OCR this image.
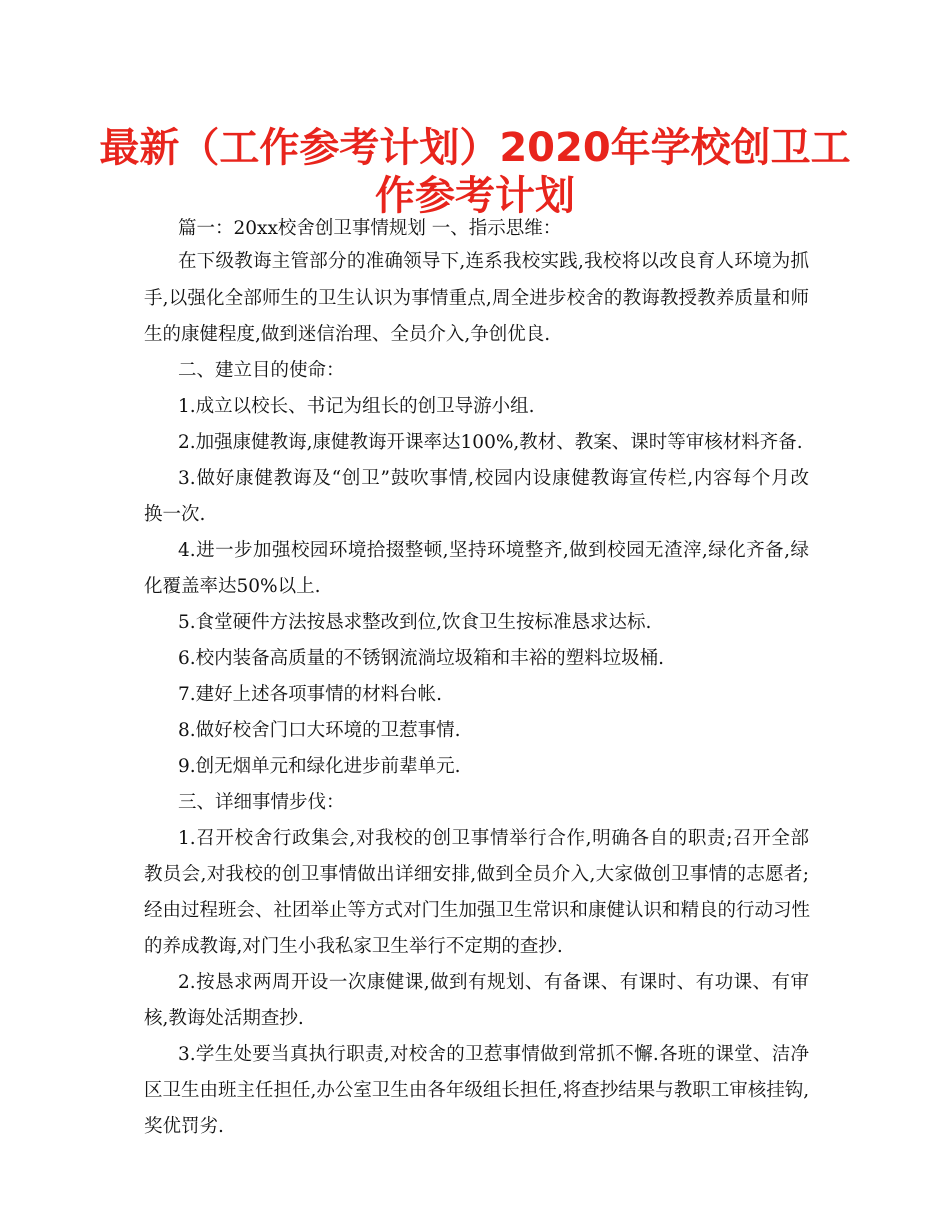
最新（工作参考计划）2020年学校创卫工
作参考计划
篇一：20xx校舍创卫事情规划 一、指示思维：
在下级教诲主管部分的准确领导下,连系我校实践,我校将以改良育人环境为抓
手,以强化全部师生的卫生认识为事情重点,周全进步校舍的教诲教授教养质量和师
生的康健程度,做到迷信治理、全员介入,争创优良.
二、建立目的使命：
1.成立以校长、书记为组长的创卫导游小组.
2.加强康健教诲,康健教诲开课率达100%,教材、教案、课时等审核材料齐备.
3.做好康健教诲及“创卫”鼓吹事情,校园内设康健教诲宣传栏,内容每个月改
换一次.
4.进一步加强校园环境拾掇整顿,坚持环境整齐,做到校园无渣滓,绿化齐备,绿
化覆盖率达50%以上.
5.食堂硬件方法按恳求整改到位,饮食卫生按标准恳求达标.
6.校内装备高质量的不锈钢流淌垃圾箱和丰裕的塑料垃圾桶.
7.建好上述各项事情的材料台帐.
8.做好校舍门口大环境的卫惹事情.
9.创无烟单元和绿化进步前辈单元.
三、详细事情步伐：
1.召开校舍行政集会,对我校的创卫事情举行合作,明确各自的职责;召开全部
教员会,对我校的创卫事情做出详细安排,做到全员介入,大家做创卫事情的志愿者;
经由过程班会、社团举止等方式对门生加强卫生常识和康健认识和精良的行动习性
的养成教诲,对门生小我私家卫生举行不定期的查抄.
2.按恳求两周开设一次康健课,做到有规划、有备课、有课时、有功课、有审
核,教诲处活期查抄.
3.学生处要当真执行职责,对校舍的卫惹事情做到常抓不懈.各班的课堂、洁净
区卫生由班主任担任,办公室卫生由各年级组长担任,将查抄结果与教职工审核挂钩,
奖优罚劣.
